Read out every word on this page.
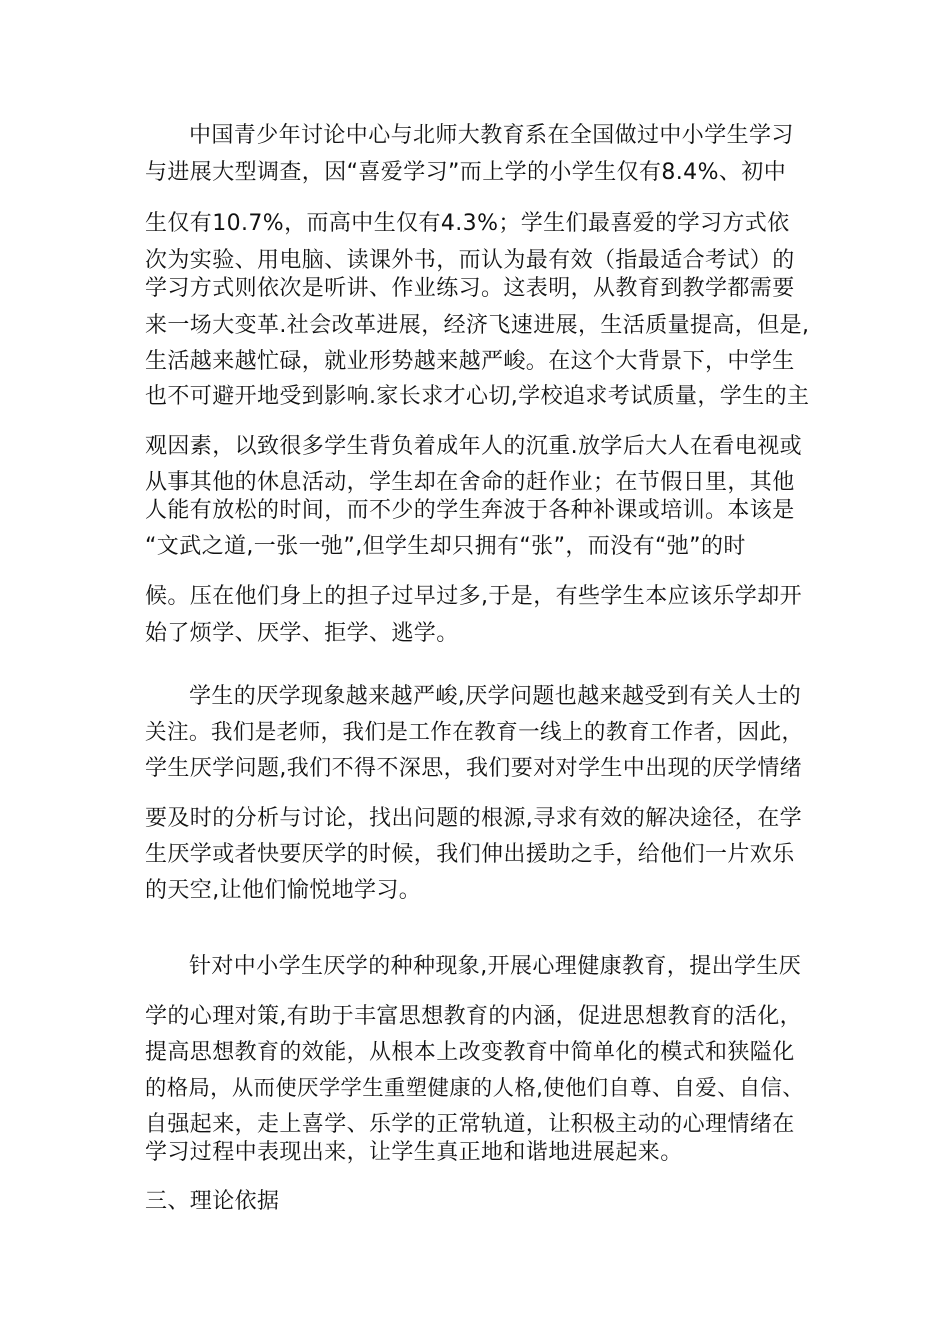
中国青少年讨论中心与北师大教育系在全国做过中小学生学习
与进展大型调查，因“喜爱学习”而上学的小学生仅有8.4%、初中
生仅有10.7%，而高中生仅有4.3%；学生们最喜爱的学习方式依
次为实验、用电脑、读课外书，而认为最有效（指最适合考试）的
学习方式则依次是听讲、作业练习。这表明，从教育到教学都需要
来一场大变革.社会改革进展，经济飞速进展，生活质量提高，但是,
生活越来越忙碌，就业形势越来越严峻。在这个大背景下，中学生
也不可避开地受到影响.家长求才心切,学校追求考试质量，学生的主
观因素，以致很多学生背负着成年人的沉重.放学后大人在看电视或
从事其他的休息活动，学生却在舍命的赶作业；在节假日里，其他
人能有放松的时间，而不少的学生奔波于各种补课或培训。本该是
“文武之道,一张一弛”,但学生却只拥有“张”，而没有“弛”的时
候。压在他们身上的担子过早过多,于是，有些学生本应该乐学却开
始了烦学、厌学、拒学、逃学。
学生的厌学现象越来越严峻,厌学问题也越来越受到有关人士的
关注。我们是老师，我们是工作在教育一线上的教育工作者，因此，
学生厌学问题,我们不得不深思，我们要对对学生中出现的厌学情绪
要及时的分析与讨论，找出问题的根源,寻求有效的解决途径，在学
生厌学或者快要厌学的时候，我们伸出援助之手，给他们一片欢乐
的天空,让他们愉悦地学习。
针对中小学生厌学的种种现象,开展心理健康教育，提出学生厌
学的心理对策,有助于丰富思想教育的内涵，促进思想教育的活化，
提高思想教育的效能，从根本上改变教育中简单化的模式和狭隘化
的格局，从而使厌学学生重塑健康的人格,使他们自尊、自爱、自信、
自强起来，走上喜学、乐学的正常轨道，让积极主动的心理情绪在
学习过程中表现出来，让学生真正地和谐地进展起来。
三、理论依据
